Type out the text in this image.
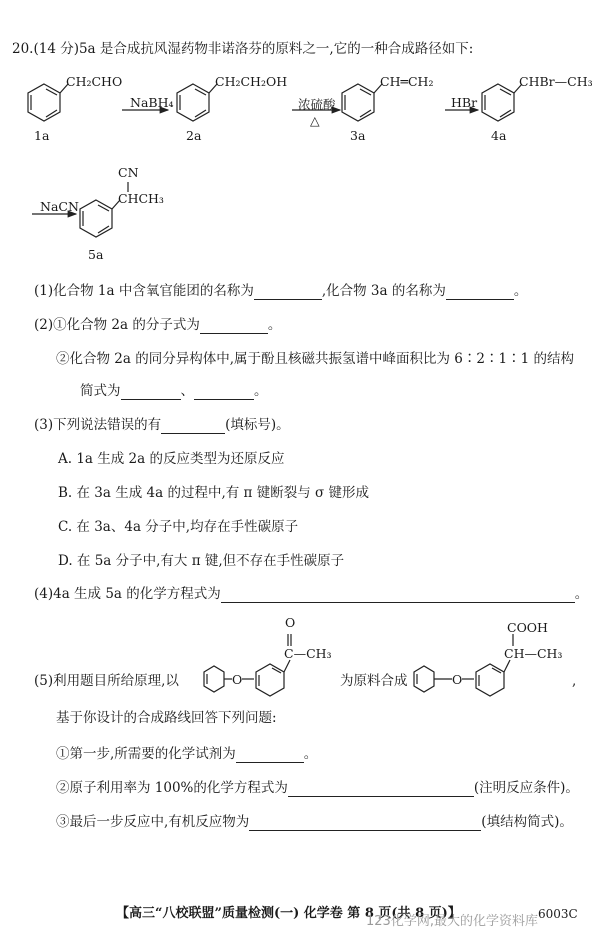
20.(14 分)5a 是合成抗风湿药物非诺洛芬的原料之一,它的一种合成路径如下:
CH₂CHO
1a
NaBH₄
CH₂CH₂OH
2a
浓硫酸
△
CH═CH₂
3a
HBr
CHBr—CH₃
4a
NaCN
CN
CHCH₃
5a
(1)化合物 1a 中含氧官能团的名称为	,化合物 3a 的名称为	。
(2)①化合物 2a 的分子式为	。
②化合物 2a 的同分异构体中,属于酚且核磁共振氢谱中峰面积比为 6∶2∶1∶1 的结构
简式为	、	。
(3)下列说法错误的有	(填标号)。
A. 1a 生成 2a 的反应类型为还原反应
B. 在 3a 生成 4a 的过程中,有 π 键断裂与 σ 键形成
C. 在 3a、4a 分子中,均存在手性碳原子
D. 在 5a 分子中,有大 π 键,但不存在手性碳原子
(4)4a 生成 5a 的化学方程式为	。
O
O
C—CH₃
COOH
CH—CH₃
O
(5)利用题目所给原理,以	为原料合成	,
基于你设计的合成路线回答下列问题:
①第一步,所需要的化学试剂为	。
②原子利用率为 100%的化学方程式为	(注明反应条件)。
③最后一步反应中,有机反应物为	(填结构简式)。
【高三“八校联盟”质量检测(一) 化学卷 第 8 页(共 8 页)】	6003C
123化学网,最大的化学资料库
